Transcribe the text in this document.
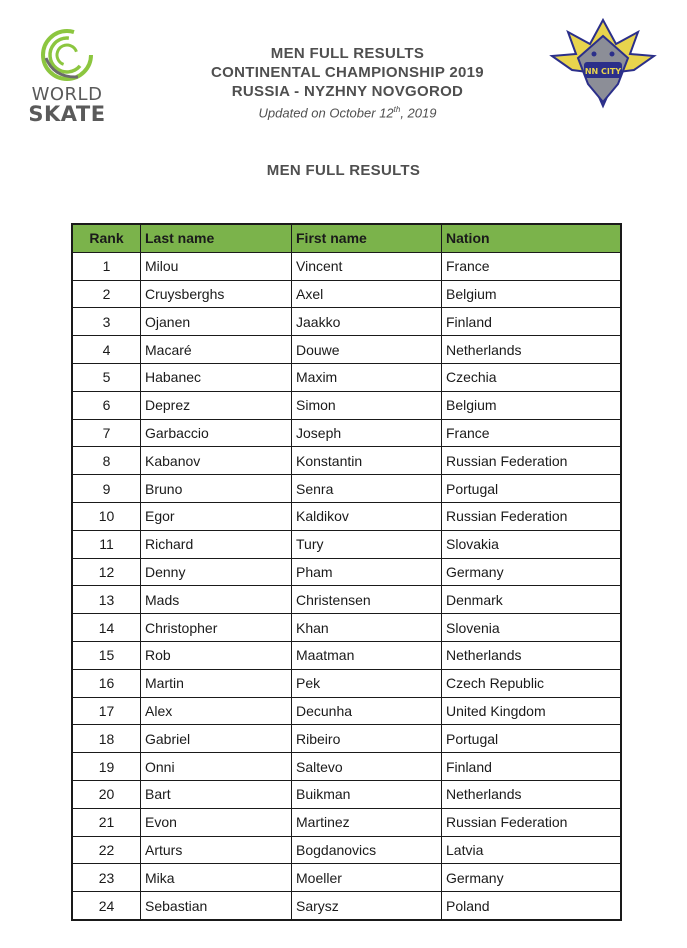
WORLD
SKATE
NN CITY
MEN FULL RESULTS
CONTINENTAL CHAMPIONSHIP 2019
RUSSIA - NYZHNY NOVGOROD
Updated on October 12th, 2019
MEN FULL RESULTS
Rank	Last name	First name	Nation
1	Milou	Vincent	France
2	Cruysberghs	Axel	Belgium
3	Ojanen	Jaakko	Finland
4	Macaré	Douwe	Netherlands
5	Habanec	Maxim	Czechia
6	Deprez	Simon	Belgium
7	Garbaccio	Joseph	France
8	Kabanov	Konstantin	Russian Federation
9	Bruno	Senra	Portugal
10	Egor	Kaldikov	Russian Federation
11	Richard	Tury	Slovakia
12	Denny	Pham	Germany
13	Mads	Christensen	Denmark
14	Christopher	Khan	Slovenia
15	Rob	Maatman	Netherlands
16	Martin	Pek	Czech Republic
17	Alex	Decunha	United Kingdom
18	Gabriel	Ribeiro	Portugal
19	Onni	Saltevo	Finland
20	Bart	Buikman	Netherlands
21	Evon	Martinez	Russian Federation
22	Arturs	Bogdanovics	Latvia
23	Mika	Moeller	Germany
24	Sebastian	Sarysz	Poland
